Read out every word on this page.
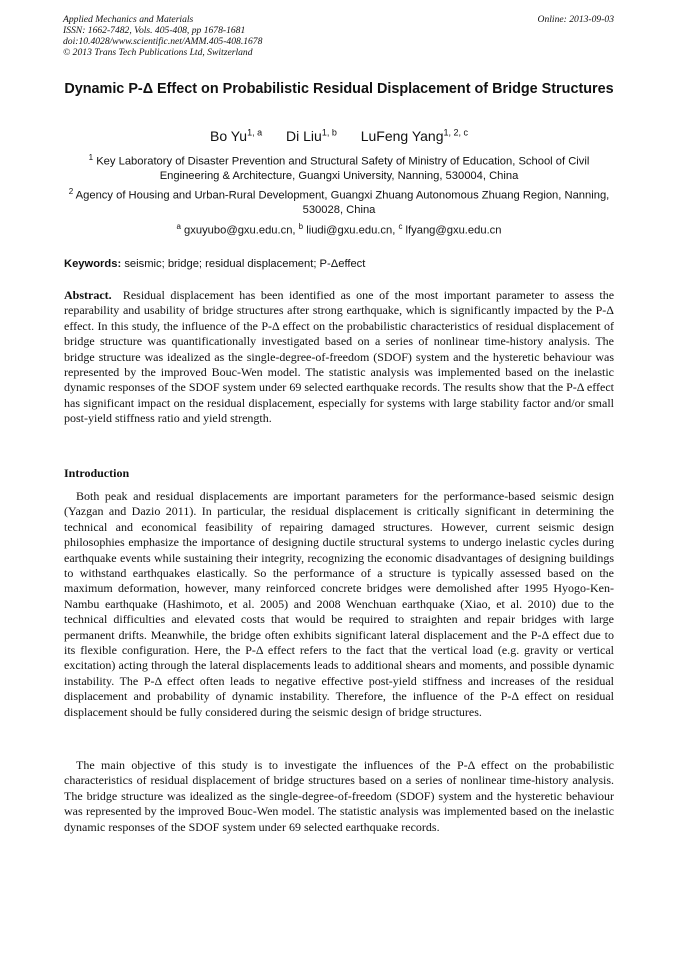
Applied Mechanics and Materials
ISSN: 1662-7482, Vols. 405-408, pp 1678-1681
doi:10.4028/www.scientific.net/AMM.405-408.1678
© 2013 Trans Tech Publications Ltd, Switzerland
Online: 2013-09-03
Dynamic P-Δ Effect on Probabilistic Residual Displacement of Bridge Structures
Bo Yu$^{1, a}$ Di Liu$^{1, b}$ LuFeng Yang$^{1, 2, c}$
$^1$ Key Laboratory of Disaster Prevention and Structural Safety of Ministry of Education, School of Civil Engineering & Architecture, Guangxi University, Nanning, 530004, China
$^2$ Agency of Housing and Urban-Rural Development, Guangxi Zhuang Autonomous Zhuang Region, Nanning, 530028, China
$^a$ gxuyubo@gxu.edu.cn, $^b$ liudi@gxu.edu.cn, $^c$ lfyang@gxu.edu.cn
Keywords: seismic; bridge; residual displacement; P-Δeffect
Abstract. Residual displacement has been identified as one of the most important parameter to assess the reparability and usability of bridge structures after strong earthquake, which is significantly impacted by the P-Δ effect. In this study, the influence of the P-Δ effect on the probabilistic characteristics of residual displacement of bridge structure was quantificationally investigated based on a series of nonlinear time-history analysis. The bridge structure was idealized as the single-degree-of-freedom (SDOF) system and the hysteretic behaviour was represented by the improved Bouc-Wen model. The statistic analysis was implemented based on the inelastic dynamic responses of the SDOF system under 69 selected earthquake records. The results show that the P-Δ effect has significant impact on the residual displacement, especially for systems with large stability factor and/or small post-yield stiffness ratio and yield strength.
Introduction
Both peak and residual displacements are important parameters for the performance-based seismic design (Yazgan and Dazio 2011). In particular, the residual displacement is critically significant in determining the technical and economical feasibility of repairing damaged structures. However, current seismic design philosophies emphasize the importance of designing ductile structural systems to undergo inelastic cycles during earthquake events while sustaining their integrity, recognizing the economic disadvantages of designing buildings to withstand earthquakes elastically. So the performance of a structure is typically assessed based on the maximum deformation, however, many reinforced concrete bridges were demolished after 1995 Hyogo-Ken-Nambu earthquake (Hashimoto, et al. 2005) and 2008 Wenchuan earthquake (Xiao, et al. 2010) due to the technical difficulties and elevated costs that would be required to straighten and repair bridges with large permanent drifts. Meanwhile, the bridge often exhibits significant lateral displacement and the P-Δ effect due to its flexible configuration. Here, the P-Δ effect refers to the fact that the vertical load (e.g. gravity or vertical excitation) acting through the lateral displacements leads to additional shears and moments, and possible dynamic instability. The P-Δ effect often leads to negative effective post-yield stiffness and increases of the residual displacement and probability of dynamic instability. Therefore, the influence of the P-Δ effect on residual displacement should be fully considered during the seismic design of bridge structures.
The main objective of this study is to investigate the influences of the P-Δ effect on the probabilistic characteristics of residual displacement of bridge structures based on a series of nonlinear time-history analysis. The bridge structure was idealized as the single-degree-of-freedom (SDOF) system and the hysteretic behaviour was represented by the improved Bouc-Wen model. The statistic analysis was implemented based on the inelastic dynamic responses of the SDOF system under 69 selected earthquake records.
